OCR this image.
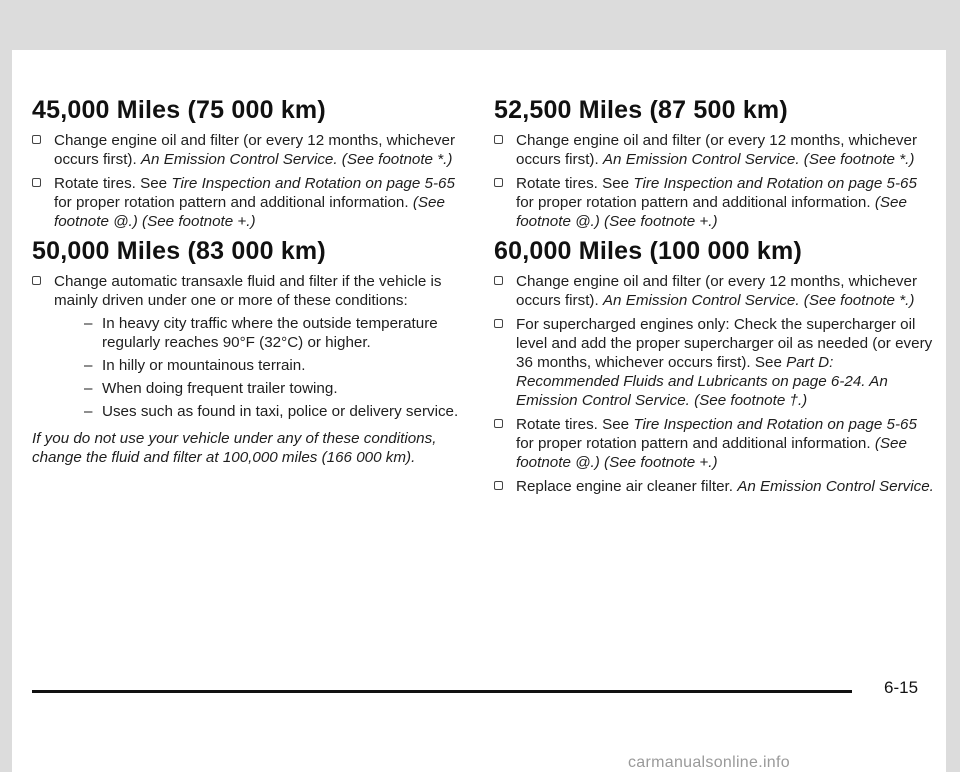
45,000 Miles (75 000 km)
Change engine oil and filter (or every 12 months, whichever occurs first). An Emission Control Service. (See footnote *.)
Rotate tires. See Tire Inspection and Rotation on page 5-65 for proper rotation pattern and additional information. (See footnote @.) (See footnote +.)
50,000 Miles (83 000 km)
Change automatic transaxle fluid and filter if the vehicle is mainly driven under one or more of these conditions:
– In heavy city traffic where the outside temperature regularly reaches 90°F (32°C) or higher.
– In hilly or mountainous terrain.
– When doing frequent trailer towing.
– Uses such as found in taxi, police or delivery service.
If you do not use your vehicle under any of these conditions, change the fluid and filter at 100,000 miles (166 000 km).
52,500 Miles (87 500 km)
Change engine oil and filter (or every 12 months, whichever occurs first). An Emission Control Service. (See footnote *.)
Rotate tires. See Tire Inspection and Rotation on page 5-65 for proper rotation pattern and additional information. (See footnote @.) (See footnote +.)
60,000 Miles (100 000 km)
Change engine oil and filter (or every 12 months, whichever occurs first). An Emission Control Service. (See footnote *.)
For supercharged engines only: Check the supercharger oil level and add the proper supercharger oil as needed (or every 36 months, whichever occurs first). See Part D: Recommended Fluids and Lubricants on page 6-24. An Emission Control Service. (See footnote †.)
Rotate tires. See Tire Inspection and Rotation on page 5-65 for proper rotation pattern and additional information. (See footnote @.) (See footnote +.)
Replace engine air cleaner filter. An Emission Control Service.
6-15
carmanualsonline.info
